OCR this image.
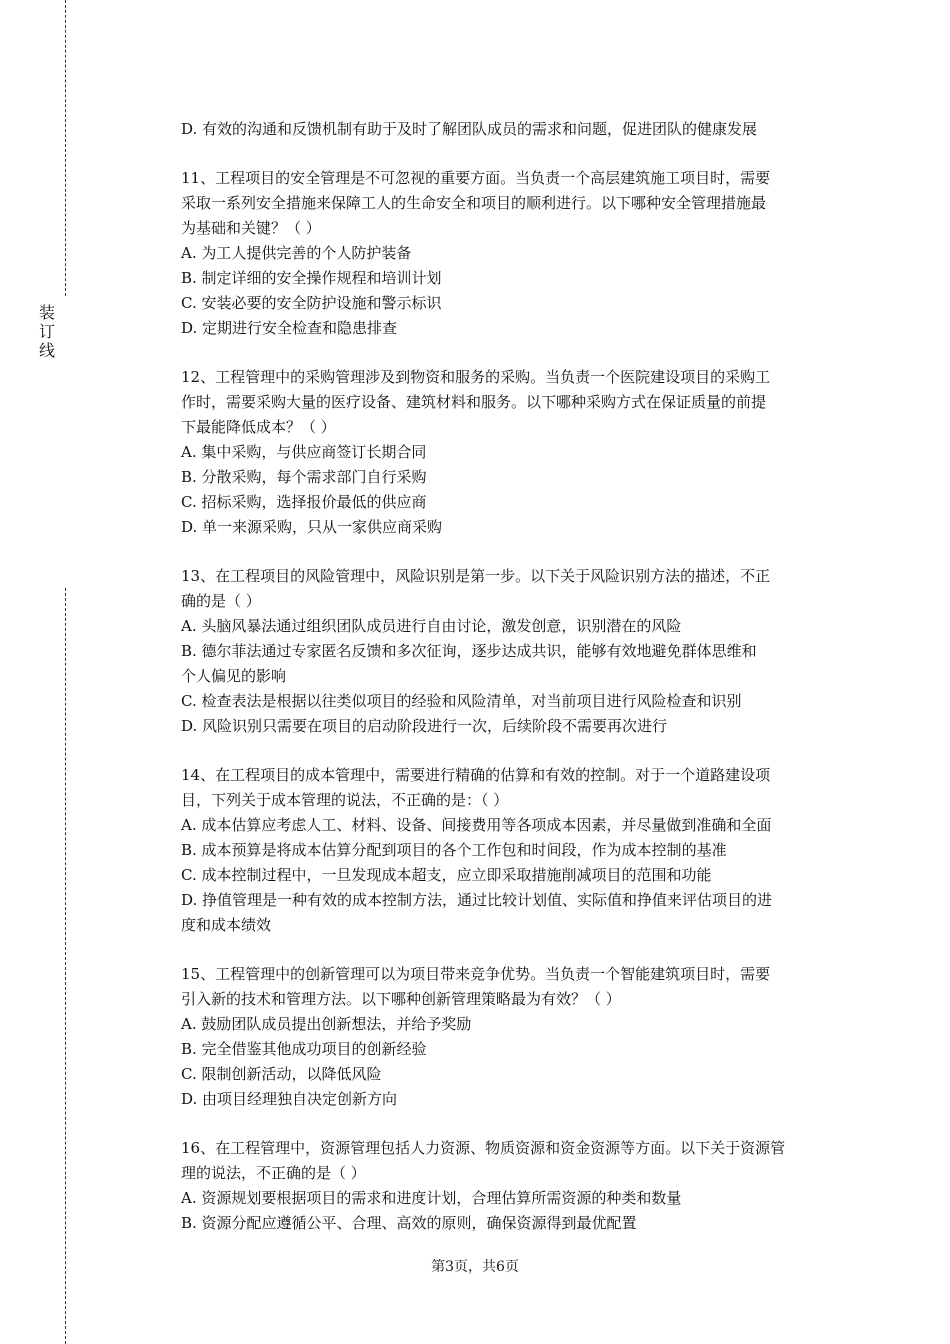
装
订
线
D. 有效的沟通和反馈机制有助于及时了解团队成员的需求和问题，促进团队的健康发展
11、工程项目的安全管理是不可忽视的重要方面。当负责一个高层建筑施工项目时，需要
采取一系列安全措施来保障工人的生命安全和项目的顺利进行。以下哪种安全管理措施最
为基础和关键？（ ）
A. 为工人提供完善的个人防护装备
B. 制定详细的安全操作规程和培训计划
C. 安装必要的安全防护设施和警示标识
D. 定期进行安全检查和隐患排查
12、工程管理中的采购管理涉及到物资和服务的采购。当负责一个医院建设项目的采购工
作时，需要采购大量的医疗设备、建筑材料和服务。以下哪种采购方式在保证质量的前提
下最能降低成本？（ ）
A. 集中采购，与供应商签订长期合同
B. 分散采购，每个需求部门自行采购
C. 招标采购，选择报价最低的供应商
D. 单一来源采购，只从一家供应商采购
13、在工程项目的风险管理中，风险识别是第一步。以下关于风险识别方法的描述，不正
确的是（ ）
A. 头脑风暴法通过组织团队成员进行自由讨论，激发创意，识别潜在的风险
B. 德尔菲法通过专家匿名反馈和多次征询，逐步达成共识，能够有效地避免群体思维和
个人偏见的影响
C. 检查表法是根据以往类似项目的经验和风险清单，对当前项目进行风险检查和识别
D. 风险识别只需要在项目的启动阶段进行一次，后续阶段不需要再次进行
14、在工程项目的成本管理中，需要进行精确的估算和有效的控制。对于一个道路建设项
目，下列关于成本管理的说法，不正确的是：（ ）
A. 成本估算应考虑人工、材料、设备、间接费用等各项成本因素，并尽量做到准确和全面
B. 成本预算是将成本估算分配到项目的各个工作包和时间段，作为成本控制的基准
C. 成本控制过程中，一旦发现成本超支，应立即采取措施削减项目的范围和功能
D. 挣值管理是一种有效的成本控制方法，通过比较计划值、实际值和挣值来评估项目的进
度和成本绩效
15、工程管理中的创新管理可以为项目带来竞争优势。当负责一个智能建筑项目时，需要
引入新的技术和管理方法。以下哪种创新管理策略最为有效？（ ）
A. 鼓励团队成员提出创新想法，并给予奖励
B. 完全借鉴其他成功项目的创新经验
C. 限制创新活动，以降低风险
D. 由项目经理独自决定创新方向
16、在工程管理中，资源管理包括人力资源、物质资源和资金资源等方面。以下关于资源管
理的说法，不正确的是（ ）
A. 资源规划要根据项目的需求和进度计划，合理估算所需资源的种类和数量
B. 资源分配应遵循公平、合理、高效的原则，确保资源得到最优配置
第3页，共6页
